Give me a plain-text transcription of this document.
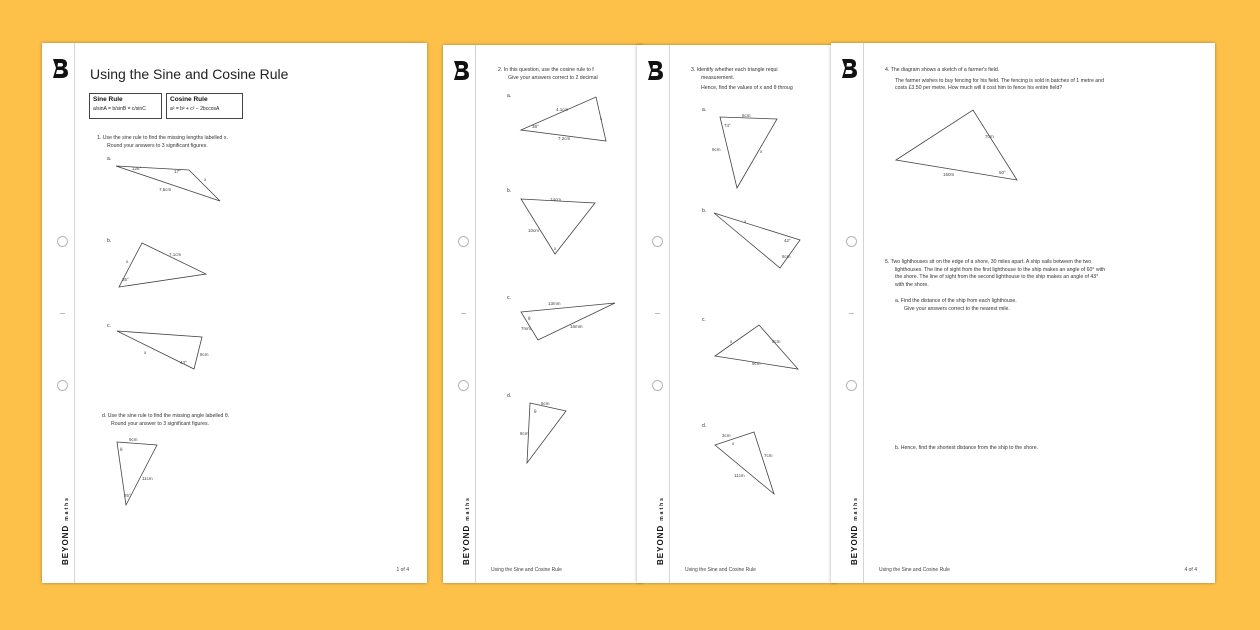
BEYONDmaths
Using the Sine and Cosine Rule
Sine Rule
a/sinA = b/sinB = c/sinC
Cosine Rule
a² = b² + c² − 2bccosA
1. Use the sine rule to find the missing lengths labelled x.
Round your answers to 3 significant figures.
a.
126°
17°
7.5cm
x
b.
7.1cm
x
35°
c.
x	8cm
43°
d. Use the sine rule to find the missing angle labelled θ.
Round your answer to 3 significant figures.
9cm
θ
11cm
26°
1 of 4
BEYONDmaths
2. In this question, use the cosine rule to f
Give your answers correct to 2 decimal
a.
4.1cm
7.2cm
38°
x
b.
14cm
10cm
x
c.
13mm
7mm	16mm
θ
d.
6cm
8cm
θ
Using the Sine and Cosine Rule
BEYONDmaths
3. Identify whether each triangle requi
measurement.
Hence, find the values of x and θ throug
a.
5cm
74°
9cm	x
b.
x
42°
8cm
c.
x	8cm
9cm
d.
3cm
x
7cm
11cm
Using the Sine and Cosine Rule
BEYONDmaths
4. The diagram shows a sketch of a farmer's field.
The farmer wishes to buy fencing for his field. The fencing is sold in batches of 1 metre and
costs £3.50 per metre. How much will it cost him to fence his entire field?
70m
150m	50°
5. Two lighthouses sit on the edge of a shore, 30 miles apart. A ship sails between the two
lighthouses. The line of sight from the first lighthouse to the ship makes an angle of 60° with
the shore. The line of sight from the second lighthouse to the ship makes an angle of 43°
with the shore.
a. Find the distance of the ship from each lighthouse.
Give your answers correct to the nearest mile.
b. Hence, find the shortest distance from the ship to the shore.
Using the Sine and Cosine Rule	4 of 4
